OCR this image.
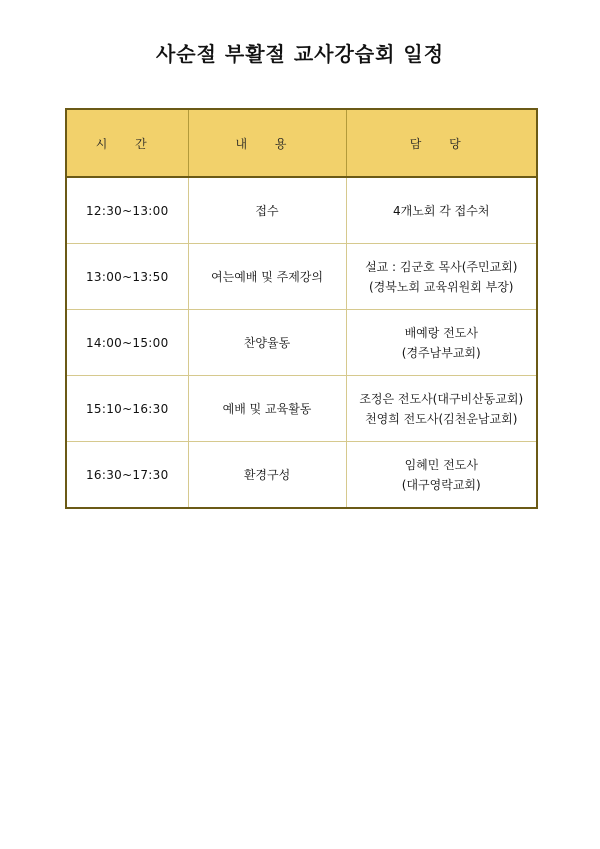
사순절 부활절 교사강습회 일정
시 간	내 용	담 당
12:30~13:00	접수	4개노회 각 접수처

13:00~13:50	여는예배 및 주제강의	설교 : 김군호 목사(주민교회)
(경북노회 교육위원회 부장)

14:00~15:00	찬양율동	배예랑 전도사
(경주남부교회)

15:10~16:30	예배 및 교육활동	조정은 전도사(대구비산동교회)
천영희 전도사(김천운남교회)

16:30~17:30	환경구성	임혜민 전도사
(대구영락교회)
